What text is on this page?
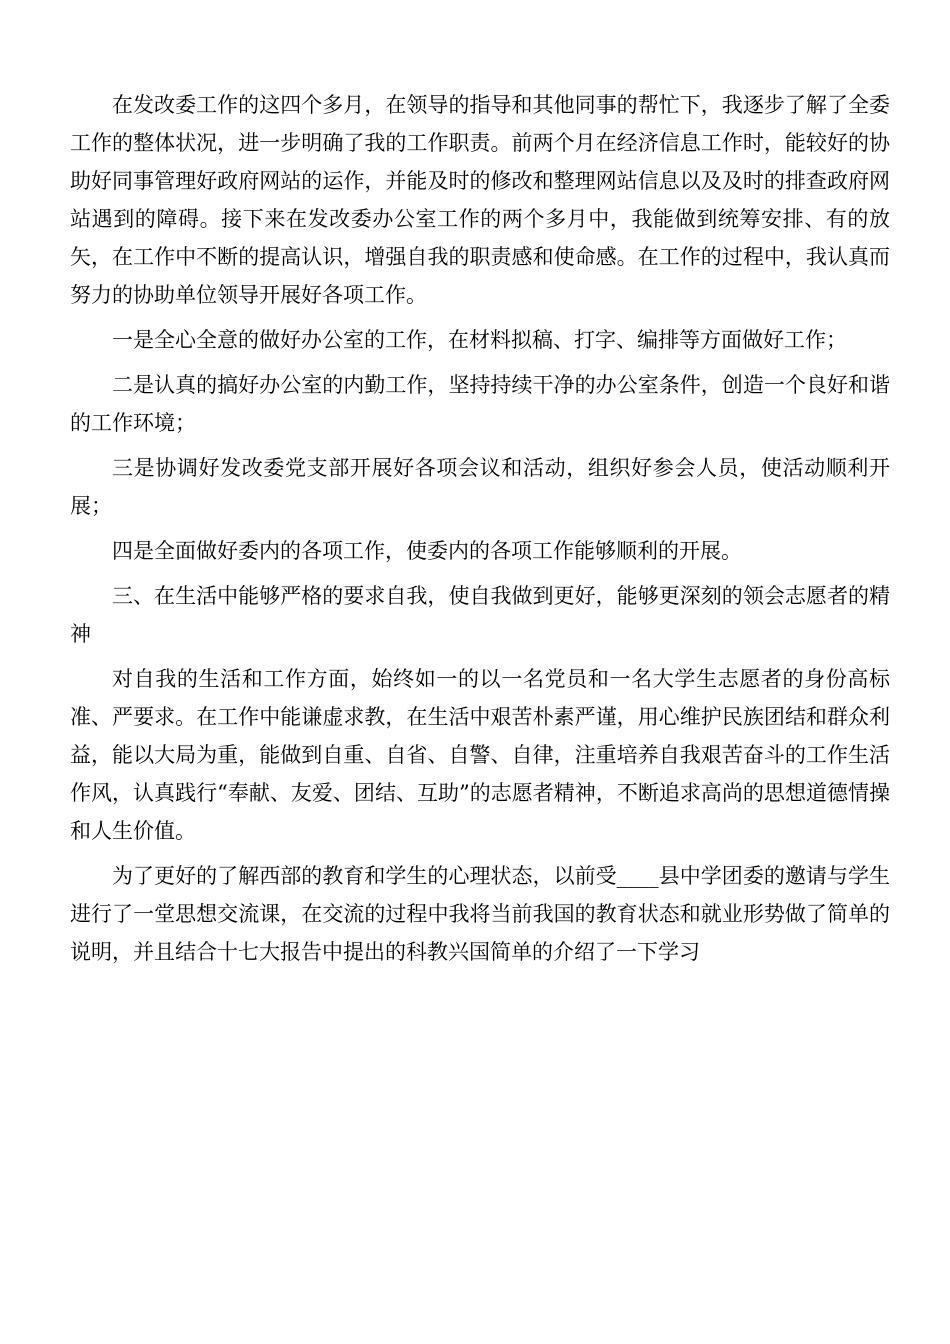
在发改委工作的这四个多月，在领导的指导和其他同事的帮忙下，我逐步了解了全委工作的整体状况，进一步明确了我的工作职责。前两个月在经济信息工作时，能较好的协助好同事管理好政府网站的运作，并能及时的修改和整理网站信息以及及时的排查政府网站遇到的障碍。接下来在发改委办公室工作的两个多月中，我能做到统筹安排、有的放矢，在工作中不断的提高认识，增强自我的职责感和使命感。在工作的过程中，我认真而努力的协助单位领导开展好各项工作。

一是全心全意的做好办公室的工作，在材料拟稿、打字、编排等方面做好工作；

二是认真的搞好办公室的内勤工作，坚持持续干净的办公室条件，创造一个良好和谐的工作环境；

三是协调好发改委党支部开展好各项会议和活动，组织好参会人员，使活动顺利开展；

四是全面做好委内的各项工作，使委内的各项工作能够顺利的开展。

三、在生活中能够严格的要求自我，使自我做到更好，能够更深刻的领会志愿者的精神

对自我的生活和工作方面，始终如一的以一名党员和一名大学生志愿者的身份高标准、严要求。在工作中能谦虚求教，在生活中艰苦朴素严谨，用心维护民族团结和群众利益，能以大局为重，能做到自重、自省、自警、自律，注重培养自我艰苦奋斗的工作生活作风，认真践行“奉献、友爱、团结、互助”的志愿者精神，不断追求高尚的思想道德情操和人生价值。

为了更好的了解西部的教育和学生的心理状态，以前受____县中学团委的邀请与学生进行了一堂思想交流课，在交流的过程中我将当前我国的教育状态和就业形势做了简单的说明，并且结合十七大报告中提出的科教兴国简单的介绍了一下学习
